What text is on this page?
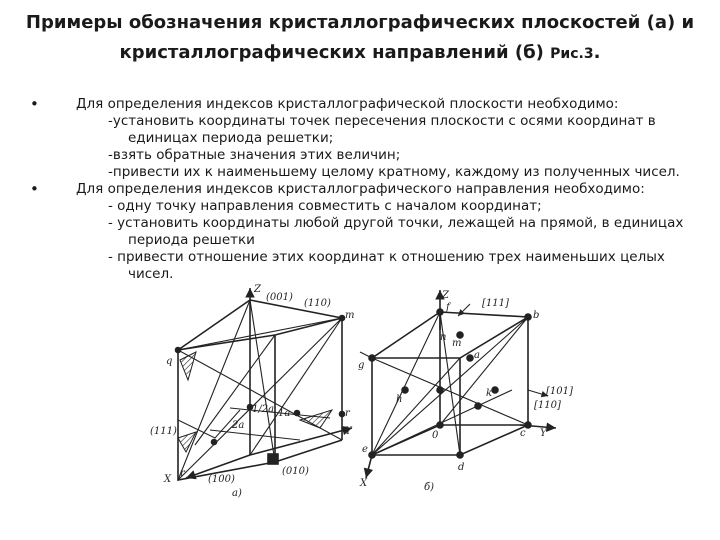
Примеры обозначения кристаллографических плоскостей (а) и
кристаллографических направлений (б) Рис.3.
•	Для определения индексов кристаллографической плоскости необходимо:
-установить координаты точек пересечения плоскости с осями координат в
единицах периода решетки;
-взять обратные значения этих величин;
-привести их к наименьшему целому кратному, каждому из полученных чисел.
•	Для определения индексов кристаллографического направления необходимо:
- одну точку направления совместить с началом координат;
- установить координаты любой другой точки, лежащей на прямой, в единицах
периода решетки
- привести отношение этих координат к отношению трех наименьших целых
чисел.
Z
(001)
(110)
m
q
(111)
1/2a 1a
2a
r
Y
X
r
(100)
(010)
a)
Z
f	[111]
b
g
m
n
a
[101]
k
h
[110]
c Y
e
0
d
X	б)
